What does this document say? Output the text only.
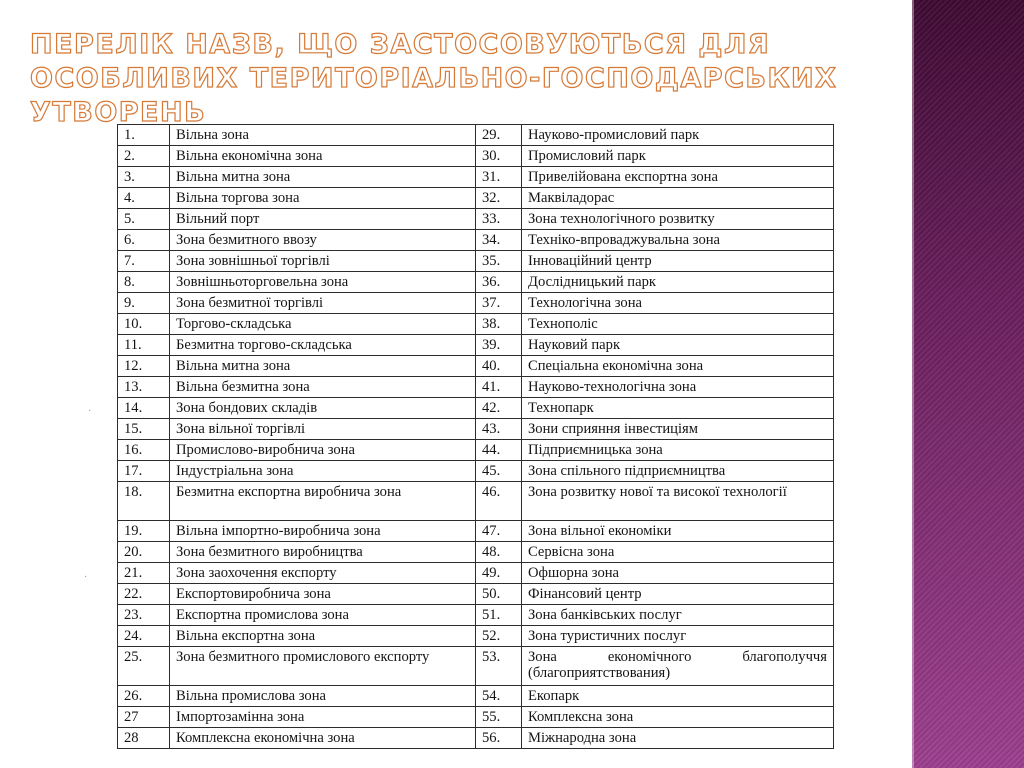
ПЕРЕЛІК НАЗВ, ЩО ЗАСТОСОВУЮТЬСЯ ДЛЯ ОСОБЛИВИХ ТЕРИТОРІАЛЬНО-ГОСПОДАРСЬКИХ УТВОРЕНЬ
·
·
1.	Вільна зона	29.	Науково-промисловий парк
2.	Вільна економічна зона	30.	Промисловий парк
3.	Вільна митна зона	31.	Привелійована експортна зона
4.	Вільна торгова зона	32.	Маквіладорас
5.	Вільний порт	33.	Зона технологічного розвитку
6.	Зона безмитного ввозу	34.	Техніко-впроваджувальна зона
7.	Зона зовнішньої торгівлі	35.	Інноваційний центр
8.	Зовнішньоторговельна зона	36.	Дослідницький парк
9.	Зона безмитної торгівлі	37.	Технологічна зона
10.	Торгово-складська	38.	Технополіс
11.	Безмитна торгово-складська	39.	Науковий парк
12.	Вільна митна зона	40.	Спеціальна економічна зона
13.	Вільна безмитна зона	41.	Науково-технологічна зона
14.	Зона бондових складів	42.	Технопарк
15.	Зона вільної торгівлі	43.	Зони сприяння інвестиціям
16.	Промислово-виробнича зона	44.	Підприємницька зона
17.	Індустріальна зона	45.	Зона спільного підприємництва
18.	Безмитна експортна виробнича зона	46.	Зона розвитку нової та високої технології
19.	Вільна імпортно-виробнича зона	47.	Зона вільної економіки
20.	Зона безмитного виробництва	48.	Сервісна зона
21.	Зона заохочення експорту	49.	Офшорна зона
22.	Експортовиробнича зона	50.	Фінансовий центр
23.	Експортна промислова зона	51.	Зона банківських послуг
24.	Вільна експортна зона	52.	Зона туристичних послуг
25.	Зона безмитного промислового експорту	53.	Зона економічного благополуччя (благоприятствования)
26.	Вільна промислова зона	54.	Екопарк
27	Імпортозамінна зона	55.	Комплексна зона
28	Комплексна економічна зона	56.	Міжнародна зона
